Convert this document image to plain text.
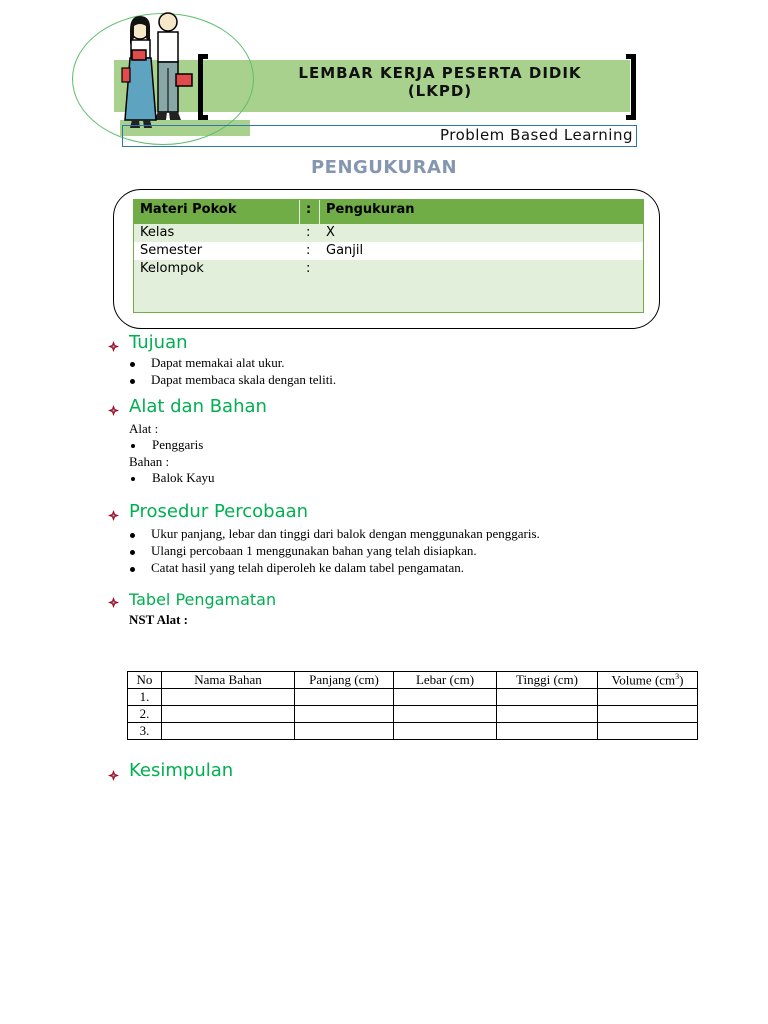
LEMBAR KERJA PESERTA DIDIK
(LKPD)
Problem Based Learning
PENGUKURAN
Materi Pokok	: Pengukuran
Kelas	: X
Semester	: Ganjil
Kelompok	:
Tujuan
Dapat memakai alat ukur.
Dapat membaca skala dengan teliti.
Alat dan Bahan
Alat :
Penggaris
Bahan :
Balok Kayu
Prosedur Percobaan
Ukur panjang, lebar dan tinggi dari balok dengan menggunakan penggaris.
Ulangi percobaan 1 menggunakan bahan yang telah disiapkan.
Catat hasil yang telah diperoleh ke dalam tabel pengamatan.
Tabel Pengamatan
NST Alat :
No	Nama Bahan	Panjang (cm)	Lebar (cm)	Tinggi (cm)	Volume $(cm^3)$
1.					
2.					
3.					
Kesimpulan
